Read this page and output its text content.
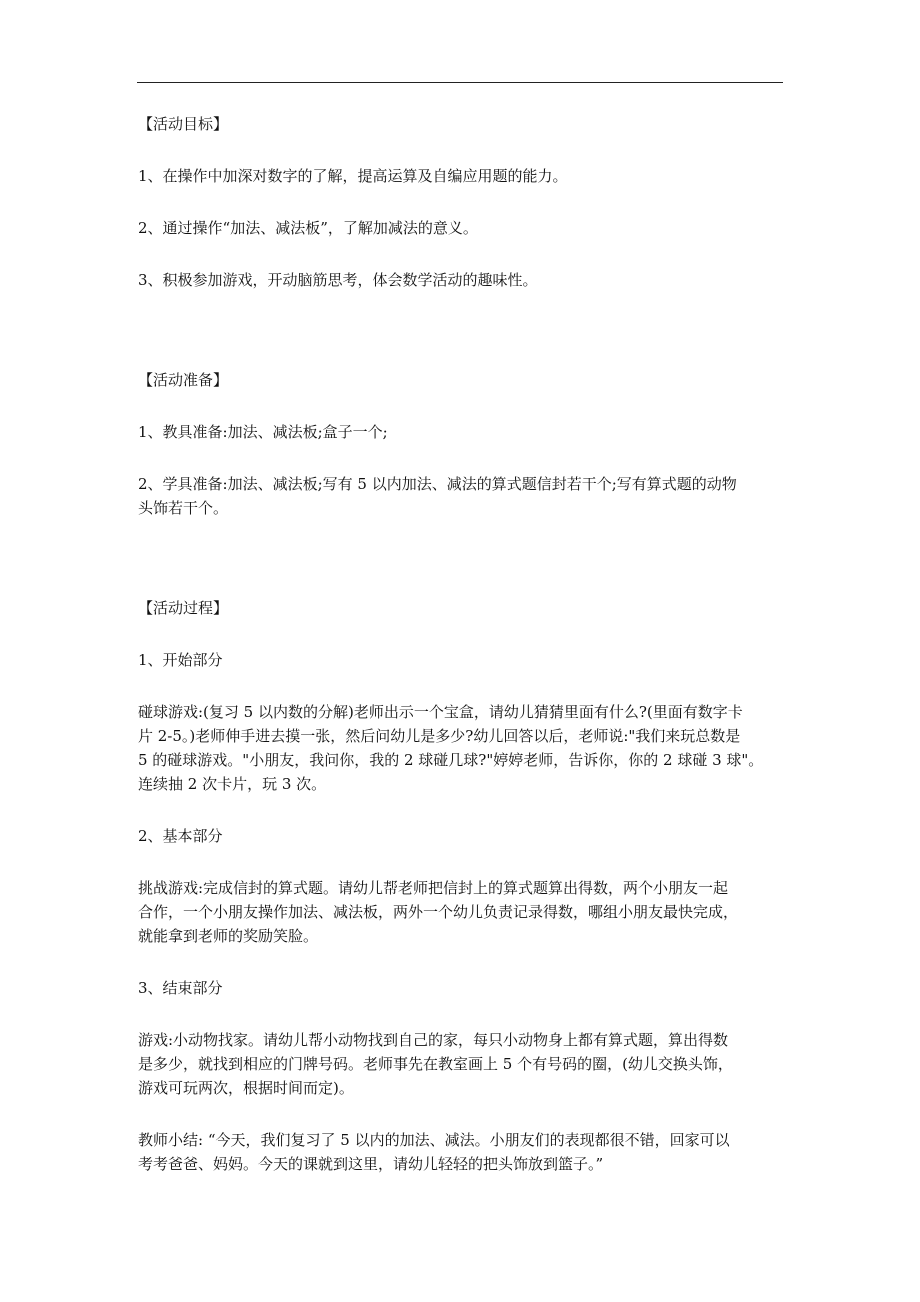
【活动目标】

1、在操作中加深对数字的了解，提高运算及自编应用题的能力。

2、通过操作“加法、减法板”，了解加减法的意义。

3、积极参加游戏，开动脑筋思考，体会数学活动的趣味性。

【活动准备】

1、教具准备:加法、减法板;盒子一个;

2、学具准备:加法、减法板;写有 5 以内加法、减法的算式题信封若干个;写有算式题的动物
头饰若干个。

【活动过程】

1、开始部分

碰球游戏:(复习 5 以内数的分解)老师出示一个宝盒，请幼儿猜猜里面有什么?(里面有数字卡
片 2-5。)老师伸手进去摸一张，然后问幼儿是多少?幼儿回答以后，老师说:"我们来玩总数是
5 的碰球游戏。"小朋友，我问你，我的 2 球碰几球?"婷婷老师，告诉你，你的 2 球碰 3 球"。
连续抽 2 次卡片，玩 3 次。

2、基本部分

挑战游戏:完成信封的算式题。请幼儿帮老师把信封上的算式题算出得数，两个小朋友一起
合作，一个小朋友操作加法、减法板，两外一个幼儿负责记录得数，哪组小朋友最快完成，
就能拿到老师的奖励笑脸。

3、结束部分

游戏:小动物找家。请幼儿帮小动物找到自己的家，每只小动物身上都有算式题，算出得数
是多少，就找到相应的门牌号码。老师事先在教室画上 5 个有号码的圈，(幼儿交换头饰，
游戏可玩两次，根据时间而定)。
教师小结: “今天，我们复习了 5 以内的加法、减法。小朋友们的表现都很不错，回家可以
考考爸爸、妈妈。今天的课就到这里，请幼儿轻轻的把头饰放到篮子。”
